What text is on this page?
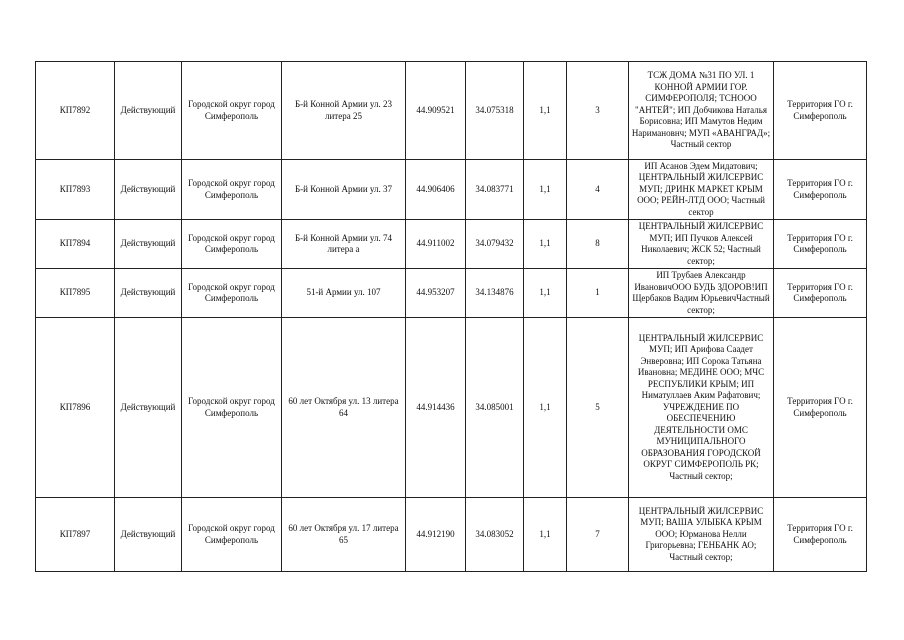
КП7892	Действующий	Городской округ город Симферополь	Б-й Конной Армии ул. 23 литера 25	44.909521	34.075318	1,1	3	ТСЖ ДОМА №31 ПО УЛ. 1 КОННОЙ АРМИИ ГОР. СИМФЕРОПОЛЯ; ТСНООО "АНТЕЙ"; ИП Добчикова Наталья Борисовна; ИП Мамутов Недим Наримановнч; МУП «АВАНГРАД»; Частный сектор	Территория ГО г. Симферополь
КП7893	Действующий	Городской округ город Симферополь	Б-й Конной Армии ул. 37	44.906406	34.083771	1,1	4	ИП Асанов Эдем Мидатович; ЦЕНТРАЛЬНЫЙ ЖИЛСЕРВИС МУП; ДРИНК МАРКЕТ КРЫМ ООО; РЕЙН-ЛТД ООО; Частный сектор	Территория ГО г. Симферополь
КП7894	Действующий	Городской округ город Симферополь	Б-й Конной Армии ул. 74 литера а	44.911002	34.079432	1,1	8	ЦЕНТРАЛЬНЫЙ ЖИЛСЕРВИС МУП; ИП Пучков Алексей Николаевич; ЖСК 52; Частный сектор;	Территория ГО г. Симферополь
КП7895	Действующий	Городской округ город Симферополь	51-й Армии ул. 107	44.953207	34.134876	1,1	1	ИП Трубаев Александр ИвановичООО БУДЬ ЗДОРОВ!ИП Щербаков Вадим ЮрьевичЧастный сектор;	Территория ГО г. Симферополь
КП7896	Действующий	Городской округ город Симферополь	60 лет Октября ул. 13 литера 64	44.914436	34.085001	1,1	5	ЦЕНТРАЛЬНЫЙ ЖИЛСЕРВИС МУП; ИП Арифова Саадет Энверовна; ИП Сорока Татьяна Ивановна; МЕДИНЕ ООО; МЧС РЕСПУБЛИКИ КРЫМ; ИП Ниматуллаев Аким Рафатович; УЧРЕЖДЕНИЕ ПО ОБЕСПЕЧЕНИЮ ДЕЯТЕЛЬНОСТИ ОМС МУНИЦИПАЛЬНОГО ОБРАЗОВАНИЯ ГОРОДСКОЙ ОКРУГ СИМФЕРОПОЛЬ РК; Частный сектор;	Территория ГО г. Симферополь
КП7897	Действующий	Городской округ город Симферополь	60 лет Октября ул. 17 литера 65	44.912190	34.083052	1,1	7	ЦЕНТРАЛЬНЫЙ ЖИЛСЕРВИС МУП; ВАША УЛЫБКА КРЫМ ООО; Юрманова Нелли Григорьевна; ГЕНБАНК АО; Частный сектор;	Территория ГО г. Симферополь
